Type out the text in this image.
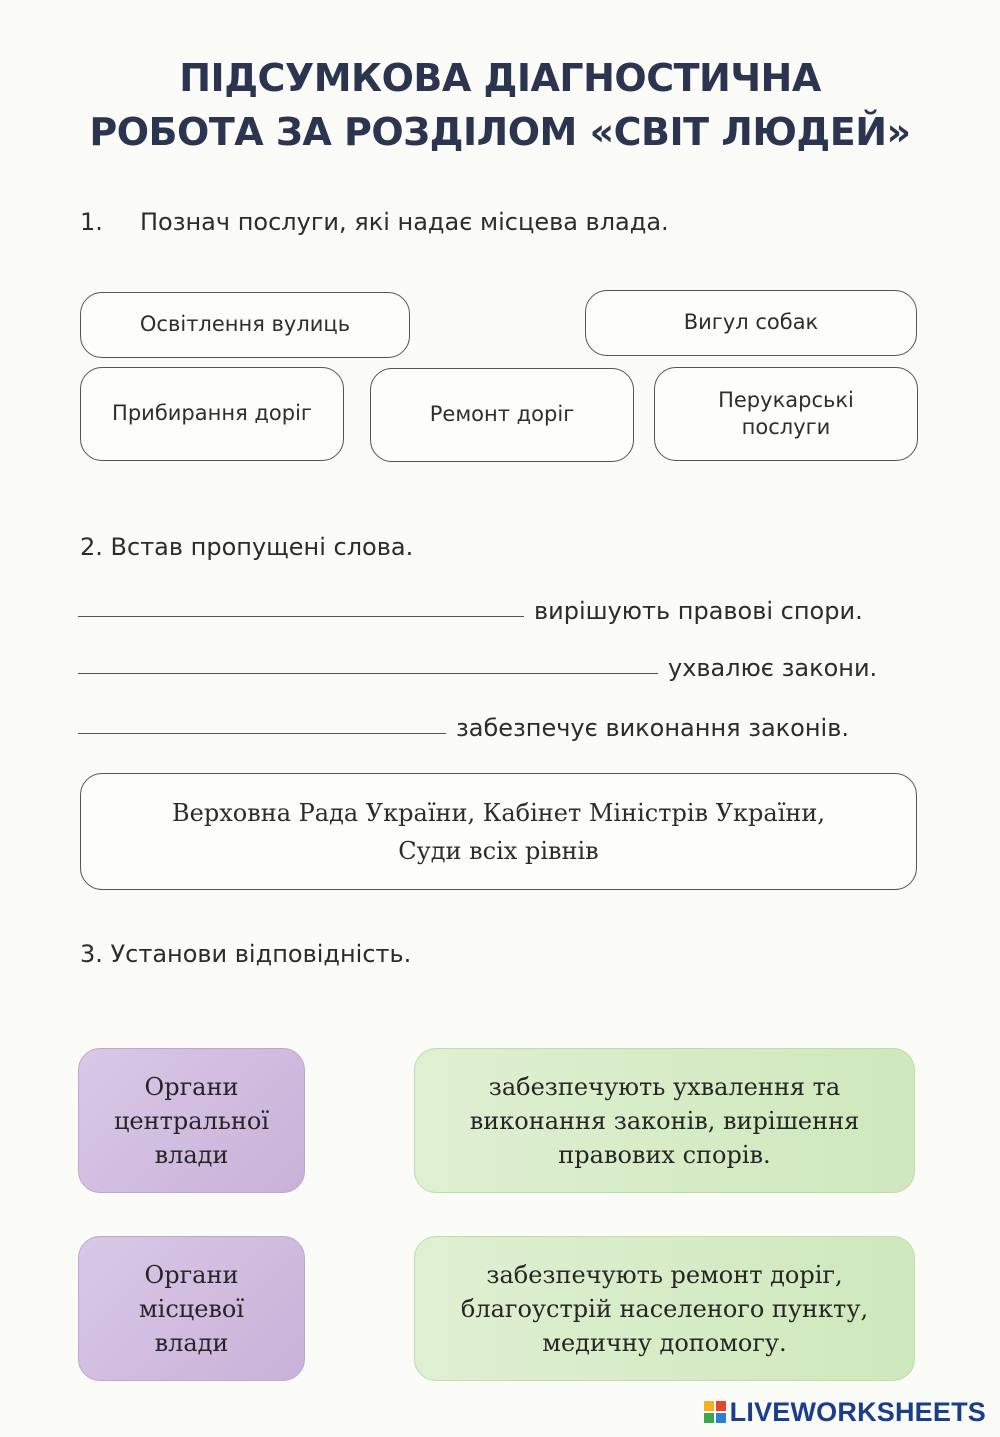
ПІДСУМКОВА ДІАГНОСТИЧНА
РОБОТА ЗА РОЗДІЛОМ «СВІТ ЛЮДЕЙ»
1. Познач послуги, які надає місцева влада.
Освітлення вулиць	Вигул собак
Прибирання доріг	Ремонт доріг
Перукарські послуги
2. Встав пропущені слова.
вирішують правові спори.
ухвалює закони.
забезпечує виконання законів.
Верховна Рада України, Кабінет Міністрів України,
Суди всіх рівнів
3. Установи відповідність.
Органи
центральної
влади
забезпечують ухвалення та
виконання законів, вирішення
правових спорів.
Органи
місцевої
влади
забезпечують ремонт доріг,
благоустрій населеного пункту,
медичну допомогу.
LIVEWORKSHEETS
